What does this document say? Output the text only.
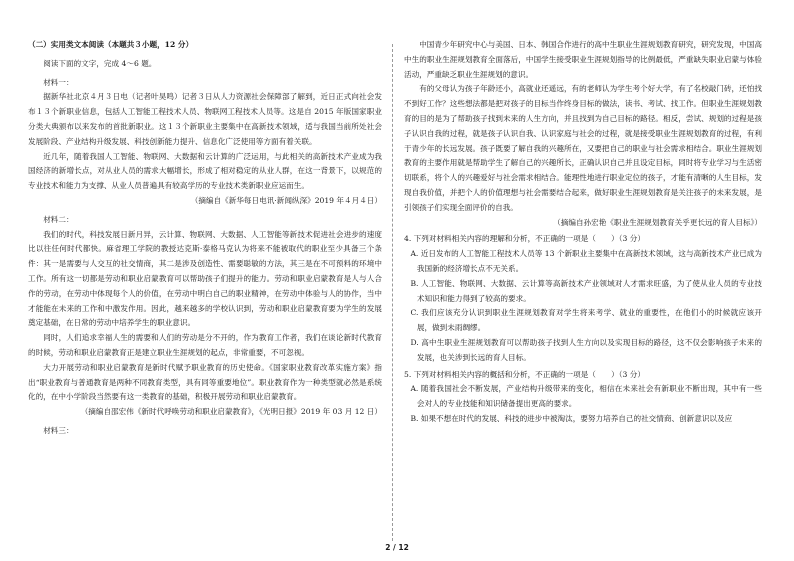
（二）实用类文本阅读（本题共３小题，12 分）

阅读下面的文字，完成 4～6 题。

材料一：

据新华社北京４月３日电（记者叶昊鸣）记者３日从人力资源社会保障部了解到，近日正式向社会发布１３个新职业信息，包括人工智能工程技术人员、物联网工程技术人员等。这是自 2015 年版国家职业分类大典颁布以来发布的首批新职业。这１３个新职业主要集中在高新技术领域，适与我国当前所处社会发展阶段、产业结构升级发展、科技创新能力提升、信息化广泛使用等方面有着关联。

近几年，随着我国人工智能、物联网、大数据和云计算的广泛运用，与此相关的高新技术产业成为我国经济的新增长点，对从业人员的需求大幅增长，形成了相对稳定的从业人群，在这一背景下，以规范的专业技术和能力为支撑、从业人员普遍具有较高学历的专业技术类新职业应运而生。

（摘编自《新华每日电讯·新闻纵深》2019 年４月４日）

材料二：

我们的时代，科技发展日新月异，云计算、物联网、大数据、人工智能等新技术促进社会进步的速度比以往任何时代都快。麻省理工学院的教授达克斯·泰格马克认为将来不能被取代的职业至少具备三个条件：其一是需要与人交互的社交情商，其二是涉及创造性、需要聪敏的方法，其三是在不可预料的环境中工作。所有这一切都是劳动和职业启蒙教育可以帮助孩子们提升的能力。劳动和职业启蒙教育是人与人合作的劳动，在劳动中体现每个人的价值，在劳动中明白自己的职业精神，在劳动中体验与人的协作，当中才能能在未来的工作和中激发作用。因此，越来越多的学校认识到，劳动和职业启蒙教育要为学生的发展奠定基础，在日常的劳动中培养学生的职业意识。

同时，人们追求幸福人生的需要和人们的劳动是分不开的，作为教育工作者，我们在谈论新时代教育的时候，劳动和职业启蒙教育正是建立职业生涯规划的起点，非常重要，不可忽视。

大力开展劳动和职业启蒙教育是新时代赋予职业教育的历史使命。《国家职业教育改革实施方案》指出“职业教育与普通教育是两种不同教育类型，具有同等重要地位”。职业教育作为一种类型就必然是系统化的，在中小学阶段当然要有这一类教育的基础，积极开展劳动和职业启蒙教育。

（摘编自邵宏伟《新时代呼唤劳动和职业启蒙教育》，《光明日报》2019 年 03 月 12 日）

材料三：

中国青少年研究中心与美国、日本、韩国合作进行的高中生职业生涯规划教育研究，研究发现，中国高中生的职业生涯规划教育全面落后，中国学生接受职业生涯规划指导的比例最低，严重缺失职业启蒙与体验活动，严重缺乏职业生涯规划的意识。

有的父母认为孩子年龄还小，高就业还遥远，有的老师认为学生考个好大学，有了名校敲门砖，还怕找不到好工作？这些想法都是把对孩子的目标当作终身目标的做法，读书、考试、找工作。但职业生涯规划教育的目的是为了帮助孩子找到未来的人生方向，并且找到为自己目标的路径。相反，尝试、规划的过程是孩子认识自我的过程，就是孩子认识自我、认识家庭与社会的过程，就是接受职业生涯规划教育的过程，有利于青少年的长远发展。孩子既要了解自我的兴趣所在，又要把自己的职业与社会需求相结合。职业生涯规划教育的主要作用就是帮助学生了解自己的兴趣所长，正确认识自己并且设定目标，同时将专业学习与生活密切联系，将个人的兴趣爱好与社会需求相结合。能理性地进行职业定位的孩子，才能有清晰的人生目标，发现自我价值，并把个人的价值理想与社会需要结合起来，做好职业生涯规划教育是关注孩子的未来发展，是引领孩子们实现全面评价的自我。

（摘编自孙宏艳《职业生涯规划教育关乎更长远的育人目标》）

4. 下列对材料相关内容的理解和分析，不正确的一项是（　　）（3 分）

A. 近日发布的人工智能工程技术人员等 13 个新职业主要集中在高新技术领域，这与高新技术产业已成为我国新的经济增长点不无关系。

B. 人工智能、物联网、大数据、云计算等高新技术产业领域对人才需求旺盛，为了使从业人员的专业技术知识和能力得到了较高的要求。

C. 我们应该充分认识到职业生涯规划教育对学生将来考学、就业的重要性，在他们小的时候就应该开展，做到未雨绸缪。

D. 高中生职业生涯规划教育可以帮助孩子找到人生方向以及实现目标的路径，这不仅会影响孩子未来的发展，也关涉到长远的育人目标。

5. 下列对材料相关内容的概括和分析，不正确的一项是（　　）（3 分）

A. 随着我国社会不断发展，产业结构升级带来的变化，相信在未来社会有新职业不断出现，其中有一些会对人的专业技能和知识储备提出更高的要求。

B. 如果不想在时代的发展、科技的进步中被淘汰，要努力培养自己的社交情商、创新意识以及应

2 / 12
